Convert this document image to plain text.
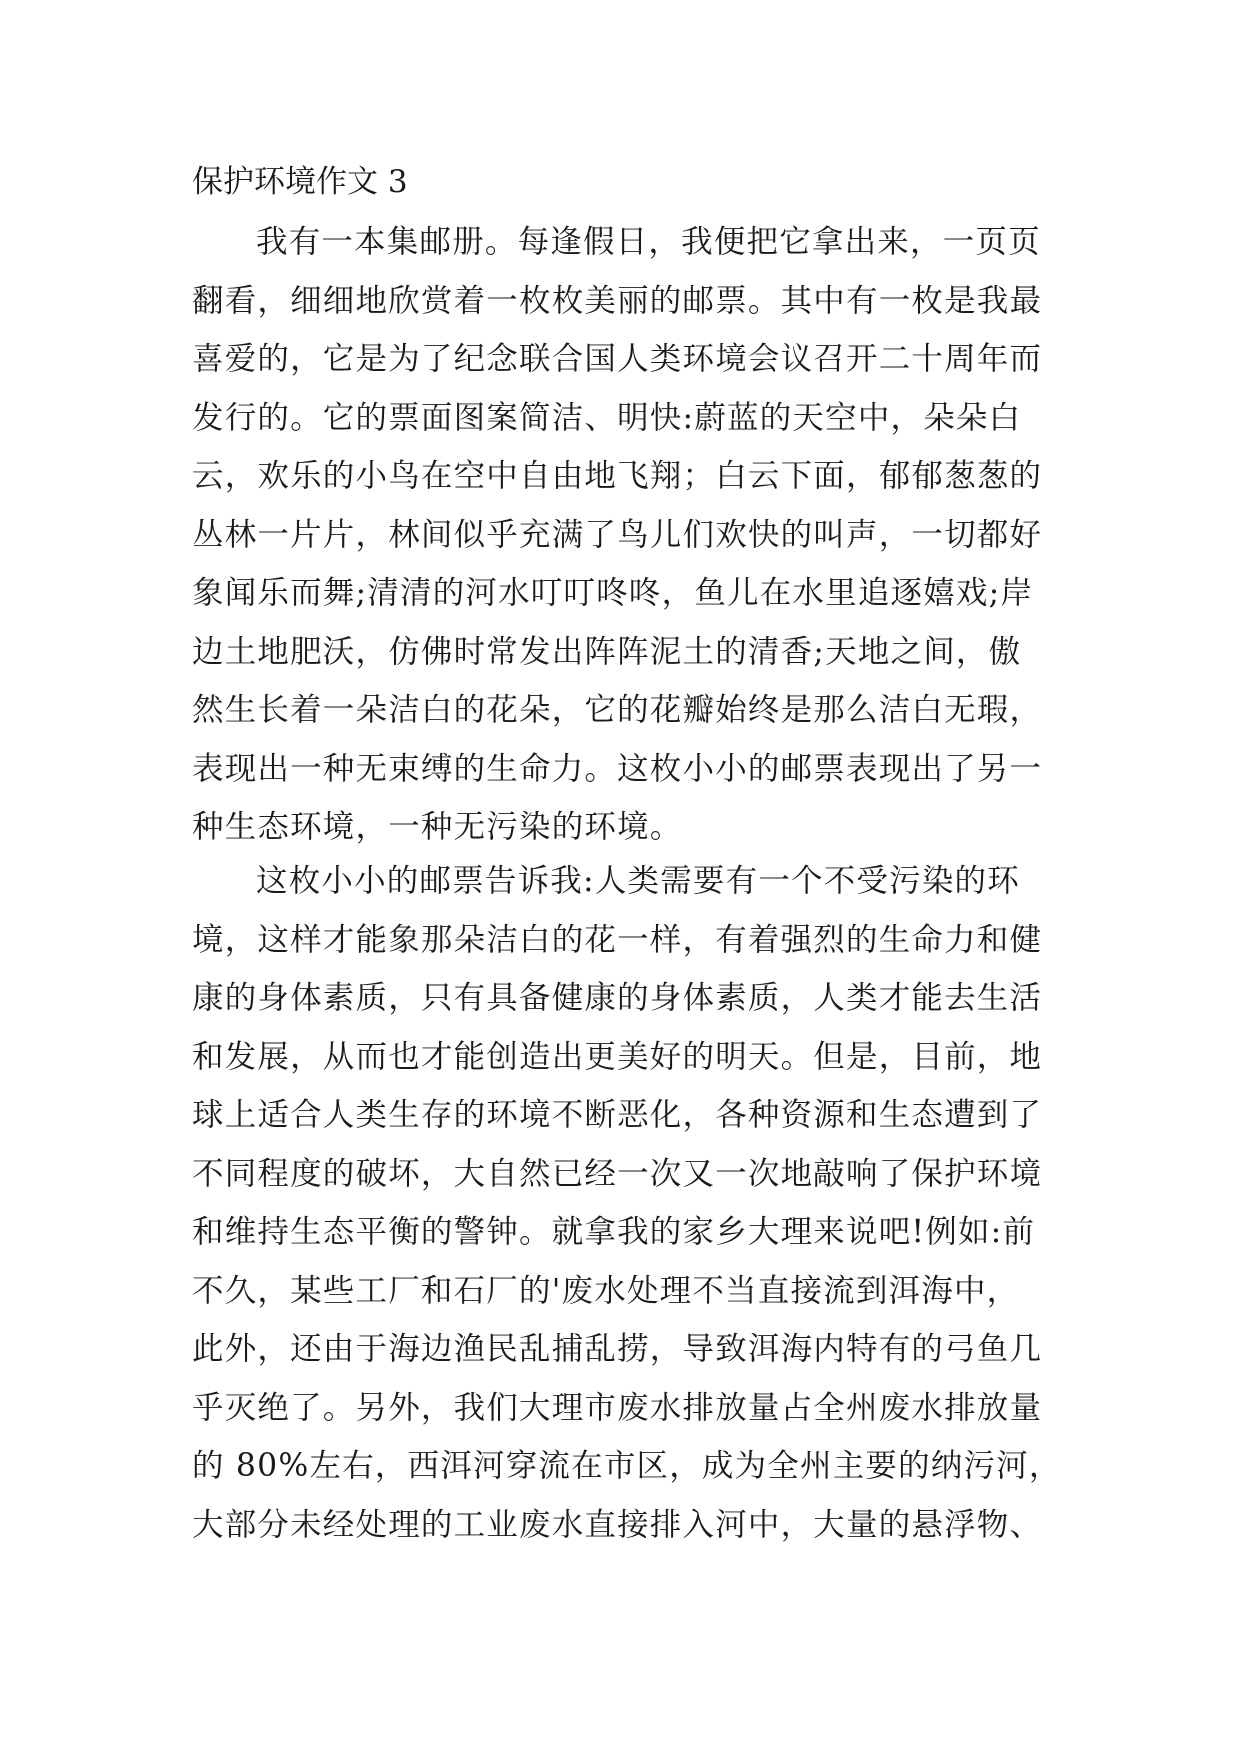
保护环境作文 3
我有一本集邮册。每逢假日，我便把它拿出来，一页页
翻看，细细地欣赏着一枚枚美丽的邮票。其中有一枚是我最
喜爱的，它是为了纪念联合国人类环境会议召开二十周年而
发行的。它的票面图案简洁、明快:蔚蓝的天空中，朵朵白
云，欢乐的小鸟在空中自由地飞翔；白云下面，郁郁葱葱的
丛林一片片，林间似乎充满了鸟儿们欢快的叫声，一切都好
象闻乐而舞;清清的河水叮叮咚咚，鱼儿在水里追逐嬉戏;岸
边土地肥沃，仿佛时常发出阵阵泥土的清香;天地之间，傲
然生长着一朵洁白的花朵，它的花瓣始终是那么洁白无瑕，
表现出一种无束缚的生命力。这枚小小的邮票表现出了另一
种生态环境，一种无污染的环境。
这枚小小的邮票告诉我:人类需要有一个不受污染的环
境，这样才能象那朵洁白的花一样，有着强烈的生命力和健
康的身体素质，只有具备健康的身体素质，人类才能去生活
和发展，从而也才能创造出更美好的明天。但是，目前，地
球上适合人类生存的环境不断恶化，各种资源和生态遭到了
不同程度的破坏，大自然已经一次又一次地敲响了保护环境
和维持生态平衡的警钟。就拿我的家乡大理来说吧!例如:前
不久，某些工厂和石厂的'废水处理不当直接流到洱海中，
此外，还由于海边渔民乱捕乱捞，导致洱海内特有的弓鱼几
乎灭绝了。另外，我们大理市废水排放量占全州废水排放量
的 80%左右，西洱河穿流在市区，成为全州主要的纳污河，
大部分未经处理的工业废水直接排入河中，大量的悬浮物、
